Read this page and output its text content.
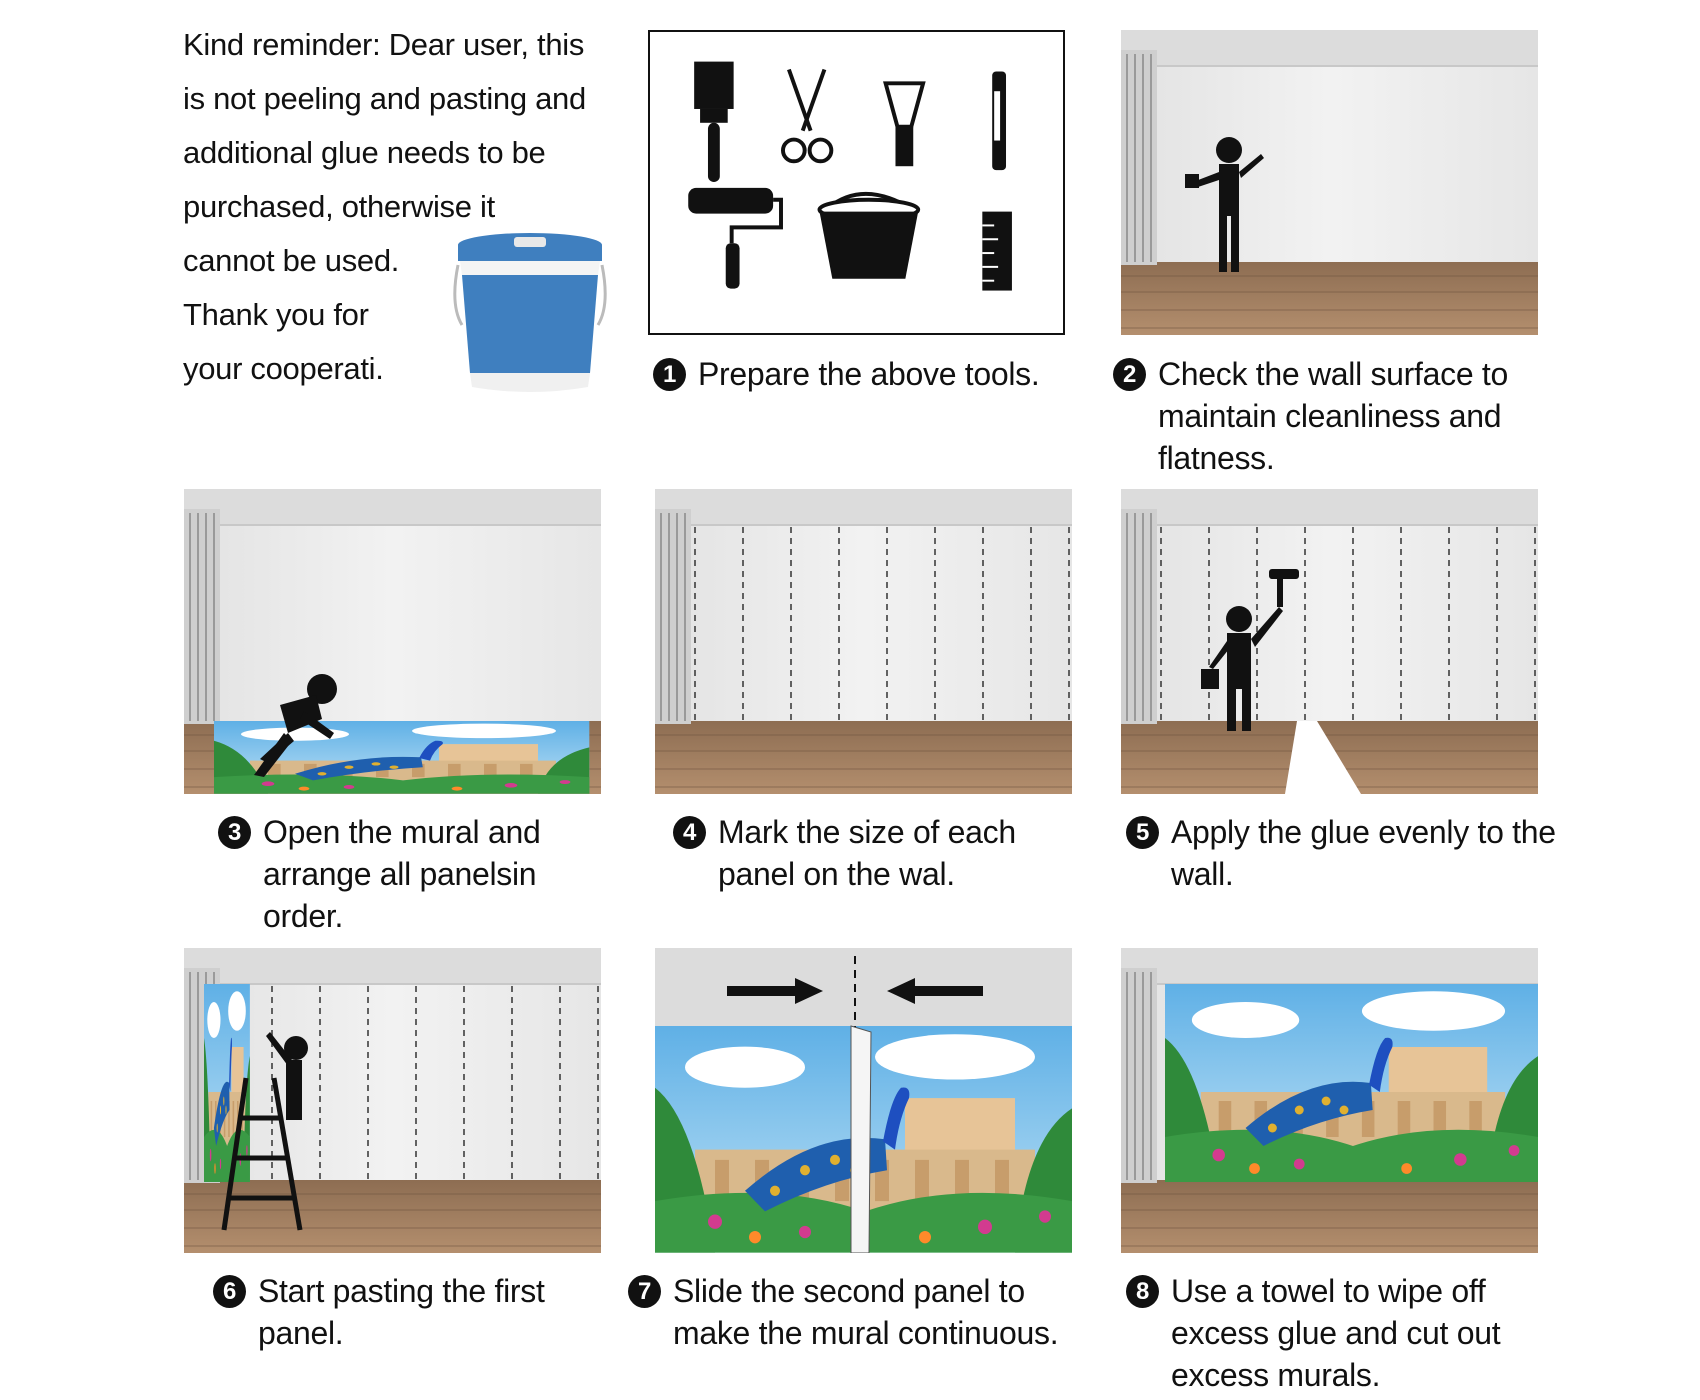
Kind reminder: Dear user, this

is not peeling and pasting and

additional glue needs to be

purchased, otherwise it

cannot be used.

Thank you for

your cooperati.	1 Prepare the above tools.	2 Check the wall surface to maintain cleanliness and flatness.
3 Open the mural and arrange all panelsin order.
4 Mark the size of each panel on the wal.
5 Apply the glue evenly to the wall.
6 Start pasting the first panel.
7 Slide the second panel to make the mural continuous.
8 Use a towel to wipe off excess glue and cut out excess murals.
